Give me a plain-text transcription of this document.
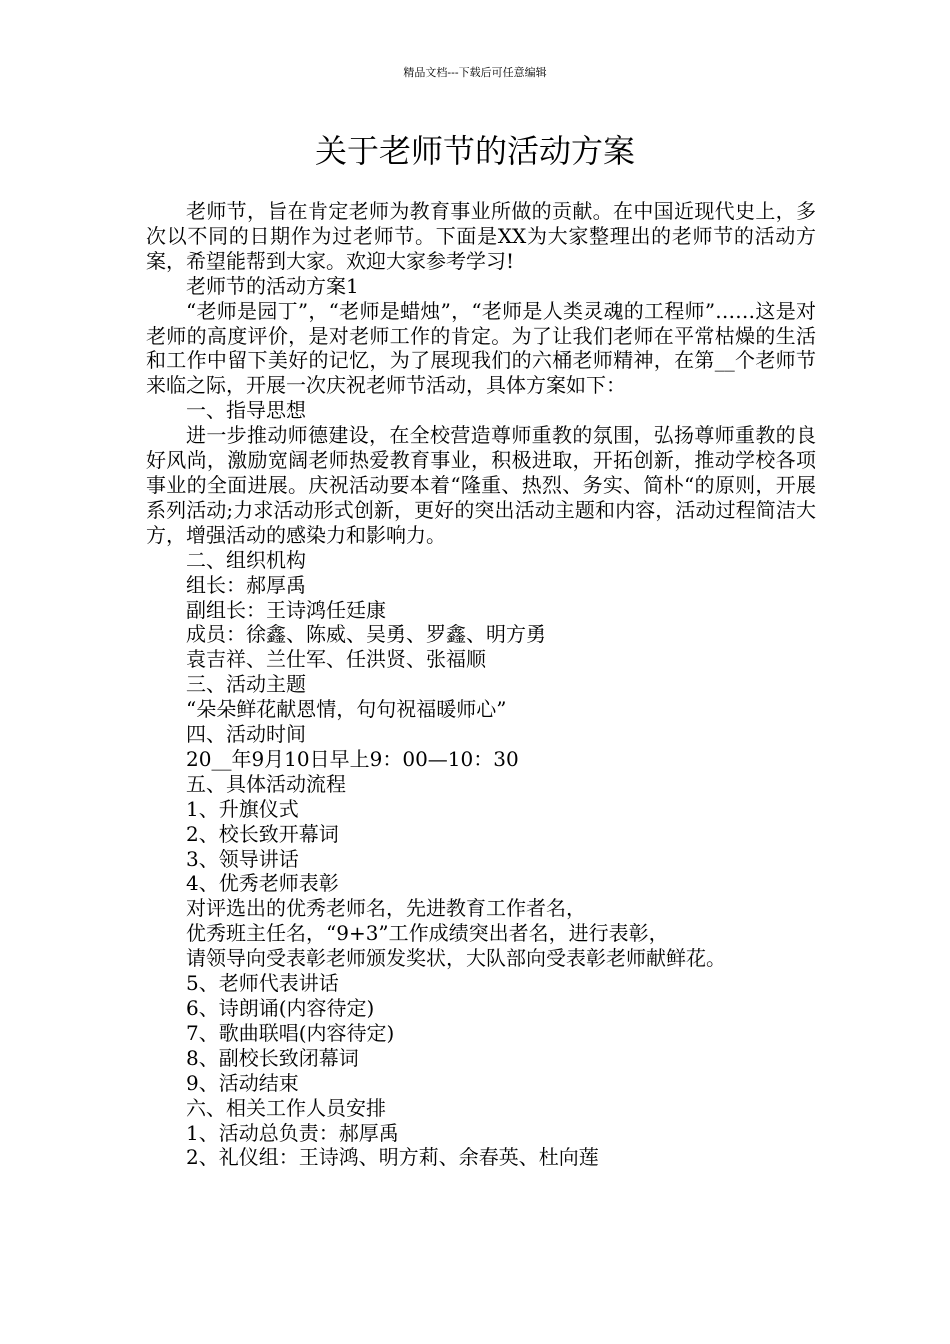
精品文档---下载后可任意编辑
关于老师节的活动方案

老师节，旨在肯定老师为教育事业所做的贡献。在中国近现代史上，多次以不同的日期作为过老师节。下面是XX为大家整理出的老师节的活动方案，希望能帮到大家。欢迎大家参考学习!

老师节的活动方案1

“老师是园丁”，“老师是蜡烛”，“老师是人类灵魂的工程师”……这是对老师的高度评价，是对老师工作的肯定。为了让我们老师在平常枯燥的生活和工作中留下美好的记忆，为了展现我们的六桶老师精神，在第__个老师节来临之际，开展一次庆祝老师节活动，具体方案如下：

一、指导思想

进一步推动师德建设，在全校营造尊师重教的氛围，弘扬尊师重教的良好风尚，激励宽阔老师热爱教育事业，积极进取，开拓创新，推动学校各项事业的全面进展。庆祝活动要本着“隆重、热烈、务实、简朴“的原则，开展系列活动;力求活动形式创新，更好的突出活动主题和内容，活动过程简洁大方，增强活动的感染力和影响力。

二、组织机构

组长：郝厚禹

副组长：王诗鸿任廷康

成员：徐鑫、陈威、吴勇、罗鑫、明方勇

袁吉祥、兰仕军、任洪贤、张福顺

三、活动主题

“朵朵鲜花献恩情，句句祝福暖师心”

四、活动时间

20__年9月10日早上9：00—10：30

五、具体活动流程

1、升旗仪式

2、校长致开幕词

3、领导讲话

4、优秀老师表彰

对评选出的优秀老师名，先进教育工作者名，

优秀班主任名，“9+3”工作成绩突出者名，进行表彰，

请领导向受表彰老师颁发奖状，大队部向受表彰老师献鲜花。

5、老师代表讲话

6、诗朗诵(内容待定)

7、歌曲联唱(内容待定)

8、副校长致闭幕词

9、活动结束

六、相关工作人员安排

1、活动总负责：郝厚禹

2、礼仪组：王诗鸿、明方莉、余春英、杜向莲
